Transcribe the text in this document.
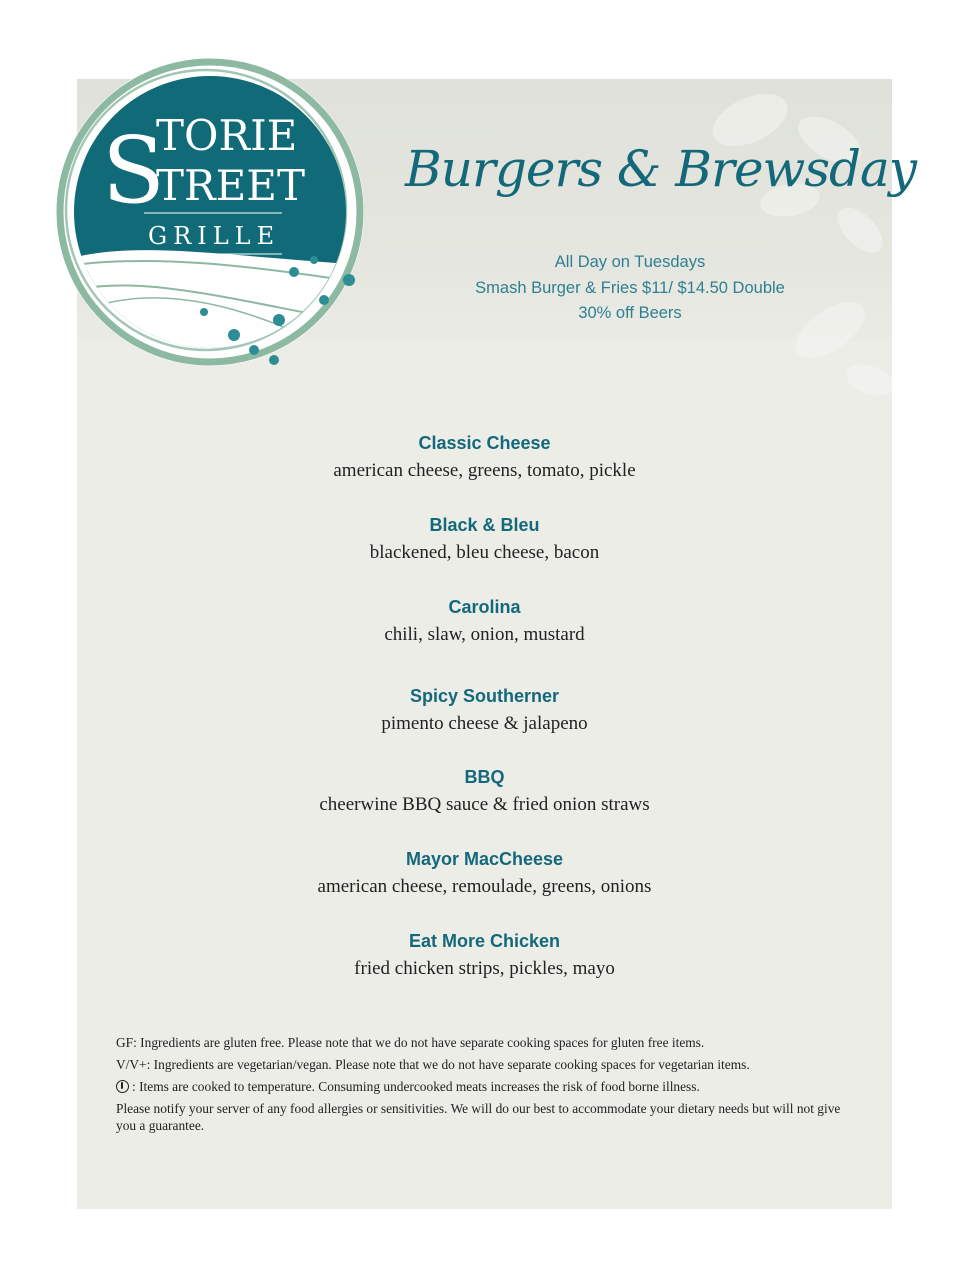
S
TORIE
TREET
GRILLE
Burgers & Brewsday
All Day on Tuesdays
Smash Burger & Fries $11/ $14.50 Double
30% off Beers
Classic Cheese
american cheese, greens, tomato, pickle
Black & Bleu
blackened, bleu cheese, bacon
Carolina
chili, slaw, onion, mustard
Spicy Southerner
pimento cheese & jalapeno
BBQ
cheerwine BBQ sauce & fried onion straws
Mayor MacCheese
american cheese, remoulade, greens, onions
Eat More Chicken
fried chicken strips, pickles, mayo
GF: Ingredients are gluten free. Please note that we do not have separate cooking spaces for gluten free items.
V/V+: Ingredients are vegetarian/vegan. Please note that we do not have separate cooking spaces for vegetarian items.
: Items are cooked to temperature. Consuming undercooked meats increases the risk of food borne illness.
Please notify your server of any food allergies or sensitivities. We will do our best to accommodate your dietary needs but will not give you a guarantee.
